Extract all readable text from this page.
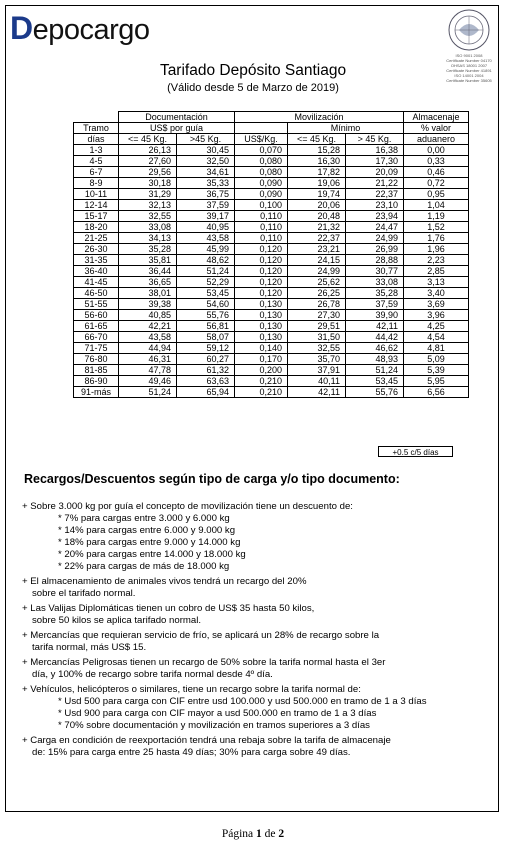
Depocargo
ISO 9001 2008
Certificate Number 04170
OHSAS 18001 2007
Certificate Number 41891
ISO 14001 2004
Certificate Number 35605
Tarifado Depósito Santiago
(Válido desde 5 de Marzo de 2019)
	Documentación		Movilización			Almacenaje
Tramo	US$ por guía			Mínimo		% valor
días	<= 45 Kg.	>45 Kg.	US$/Kg.	<= 45 Kg.	> 45 Kg.	aduanero
1-3	26,13	30,45	0,070	15,28	16,38	0,00
4-5	27,60	32,50	0,080	16,30	17,30	0,33
6-7	29,56	34,61	0,080	17,82	20,09	0,46
8-9	30,18	35,33	0,090	19,06	21,22	0,72
10-11	31,29	36,75	0,090	19,74	22,37	0,95
12-14	32,13	37,59	0,100	20,06	23,10	1,04
15-17	32,55	39,17	0,110	20,48	23,94	1,19
18-20	33,08	40,95	0,110	21,32	24,47	1,52
21-25	34,13	43,58	0,110	22,37	24,99	1,76
26-30	35,28	45,99	0,120	23,21	26,99	1,96
31-35	35,81	48,62	0,120	24,15	28,88	2,23
36-40	36,44	51,24	0,120	24,99	30,77	2,85
41-45	36,65	52,29	0,120	25,62	33,08	3,13
46-50	38,01	53,45	0,120	26,25	35,28	3,40
51-55	39,38	54,60	0,130	26,78	37,59	3,69
56-60	40,85	55,76	0,130	27,30	39,90	3,96
61-65	42,21	56,81	0,130	29,51	42,11	4,25
66-70	43,58	58,07	0,130	31,50	44,42	4,54
71-75	44,94	59,12	0,140	32,55	46,62	4,81
76-80	46,31	60,27	0,170	35,70	48,93	5,09
81-85	47,78	61,32	0,200	37,91	51,24	5,39
86-90	49,46	63,63	0,210	40,11	53,45	5,95
91-más	51,24	65,94	0,210	42,11	55,76	6,56
+0.5 c/5 días
Recargos/Descuentos según tipo de carga y/o tipo documento:
+ Sobre 3.000 kg por guía el concepto de movilización tiene un descuento de:
* 7% para cargas entre 3.000 y 6.000 kg
* 14% para cargas entre 6.000 y 9.000 kg
* 18% para cargas entre 9.000 y 14.000 kg
* 20% para cargas entre 14.000 y 18.000 kg
* 22% para cargas de más de 18.000 kg
+ El almacenamiento de animales vivos tendrá un recargo del 20%
sobre el tarifado normal.
+ Las Valijas Diplomáticas tienen un cobro de US$ 35 hasta 50 kilos,
sobre 50 kilos se aplica tarifado normal.
+ Mercancías que requieran servicio de frío, se aplicará un 28% de recargo sobre la
tarifa normal, más US$ 15.
+ Mercancías Peligrosas tienen un recargo de 50% sobre la tarifa normal hasta el 3er
día, y 100% de recargo sobre tarifa normal desde 4º día.
+ Vehículos, helicópteros o similares, tiene un recargo sobre la tarifa normal de:
* Usd 500 para carga con CIF entre usd 100.000 y usd 500.000 en tramo de 1 a 3 días
* Usd 900 para carga con CIF mayor a usd 500.000 en tramo de 1 a 3 días
* 70% sobre documentación y movilización en tramos superiores a 3 días
+ Carga en condición de reexportación tendrá una rebaja sobre la tarifa de almacenaje
de: 15% para carga entre 25 hasta 49 días; 30% para carga sobre 49 días.
Página 1 de 2
